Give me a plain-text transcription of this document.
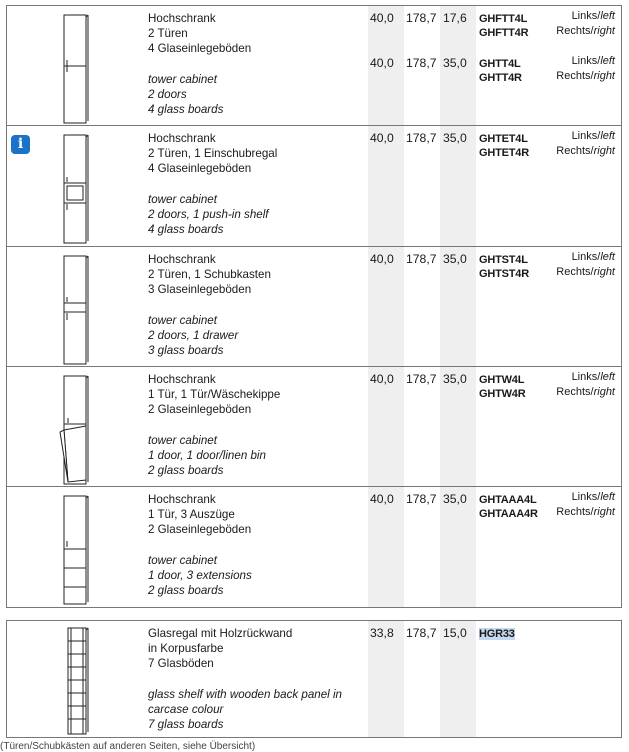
Hochschrank

2 Türen

4 Glaseinlegeböden

tower cabinet

2 doors

4 glass boards

40,0 178,7 17,6 GHFTT4L
GHFTT4R
Links/left
Rechts/right
40,0 178,7 35,0 GHTT4L
GHTT4R
Links/left
Rechts/right
i	Hochschrank

2 Türen, 1 Einschubregal

4 Glaseinlegeböden

tower cabinet

2 doors, 1 push-in shelf

4 glass boards

40,0 178,7 35,0 GHTET4L
GHTET4R
Links/left
Rechts/right

Hochschrank

2 Türen, 1 Schubkasten

3 Glaseinlegeböden

tower cabinet

2 doors, 1 drawer

3 glass boards

40,0 178,7 35,0 GHTST4L
GHTST4R
Links/left
Rechts/right

Hochschrank

1 Tür, 1 Tür/Wäschekippe

2 Glaseinlegeböden

tower cabinet

1 door, 1 door/linen bin

2 glass boards

40,0 178,7 35,0 GHTW4L
GHTW4R
Links/left
Rechts/right

Hochschrank

1 Tür, 3 Auszüge

2 Glaseinlegeböden

tower cabinet

1 door, 3 extensions

2 glass boards

40,0 178,7 35,0 GHTAAA4L
GHTAAA4R
Links/left
Rechts/right

Glasregal mit Holzrückwand

in Korpusfarbe

7 Glasböden

glass shelf with wooden back panel in

carcase colour

7 glass boards

33,8 178,7 15,0 HGR33
(Türen/Schubkästen auf anderen Seiten, siehe Übersicht)
